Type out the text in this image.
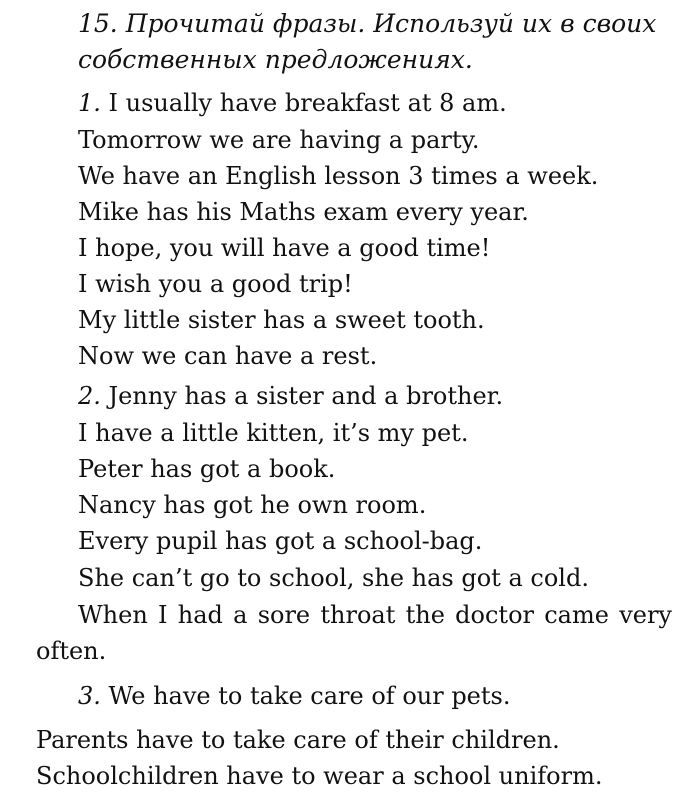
15. Прочитай фразы. Используй их в своих
собственных предложениях.
1. I usually have breakfast at 8 am.
Tomorrow we are having a party.
We have an English lesson 3 times a week.
Mike has his Maths exam every year.
I hope, you will have a good time!
I wish you a good trip!
My little sister has a sweet tooth.
Now we can have a rest.
2. Jenny has a sister and a brother.
I have a little kitten, it’s my pet.
Peter has got a book.
Nancy has got he own room.
Every pupil has got a school-bag.
She can’t go to school, she has got a cold.
When I had a sore throat the doctor came very
often.
3. We have to take care of our pets.
Parents have to take care of their children.
Schoolchildren have to wear a school uniform.
